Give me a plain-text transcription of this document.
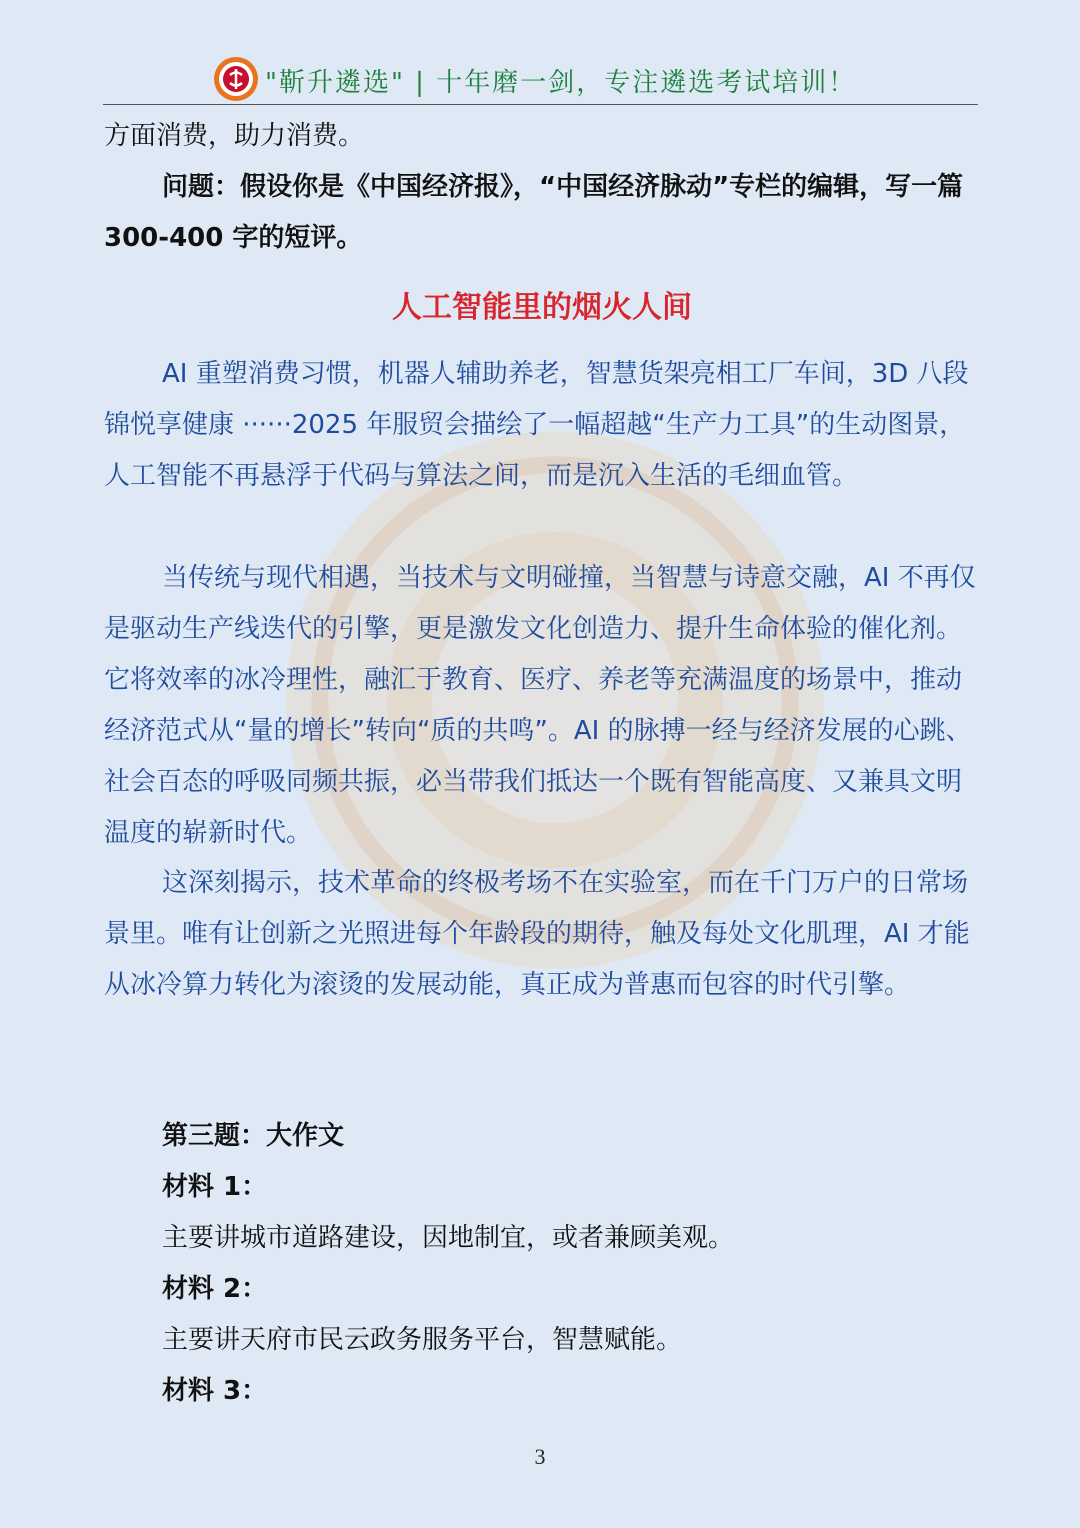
"靳升遴选" | 十年磨一剑，专注遴选考试培训！

方面消费，助力消费。

问题：假设你是《中国经济报》，“中国经济脉动”专栏的编辑，写一篇 300-400 字的短评。

人工智能里的烟火人间

AI 重塑消费习惯，机器人辅助养老，智慧货架亮相工厂车间，3D 八段锦悦享健康 ······2025 年服贸会描绘了一幅超越“生产力工具”的生动图景，人工智能不再悬浮于代码与算法之间，而是沉入生活的毛细血管。

当传统与现代相遇，当技术与文明碰撞，当智慧与诗意交融，AI 不再仅是驱动生产线迭代的引擎，更是激发文化创造力、提升生命体验的催化剂。它将效率的冰冷理性，融汇于教育、医疗、养老等充满温度的场景中，推动经济范式从“量的增长”转向“质的共鸣”。AI 的脉搏一经与经济发展的心跳、社会百态的呼吸同频共振，必当带我们抵达一个既有智能高度、又兼具文明温度的崭新时代。

这深刻揭示，技术革命的终极考场不在实验室，而在千门万户的日常场景里。唯有让创新之光照进每个年龄段的期待，触及每处文化肌理，AI 才能从冰冷算力转化为滚烫的发展动能，真正成为普惠而包容的时代引擎。

第三题：大作文

材料 1：

主要讲城市道路建设，因地制宜，或者兼顾美观。

材料 2：

主要讲天府市民云政务服务平台，智慧赋能。

材料 3：

3
